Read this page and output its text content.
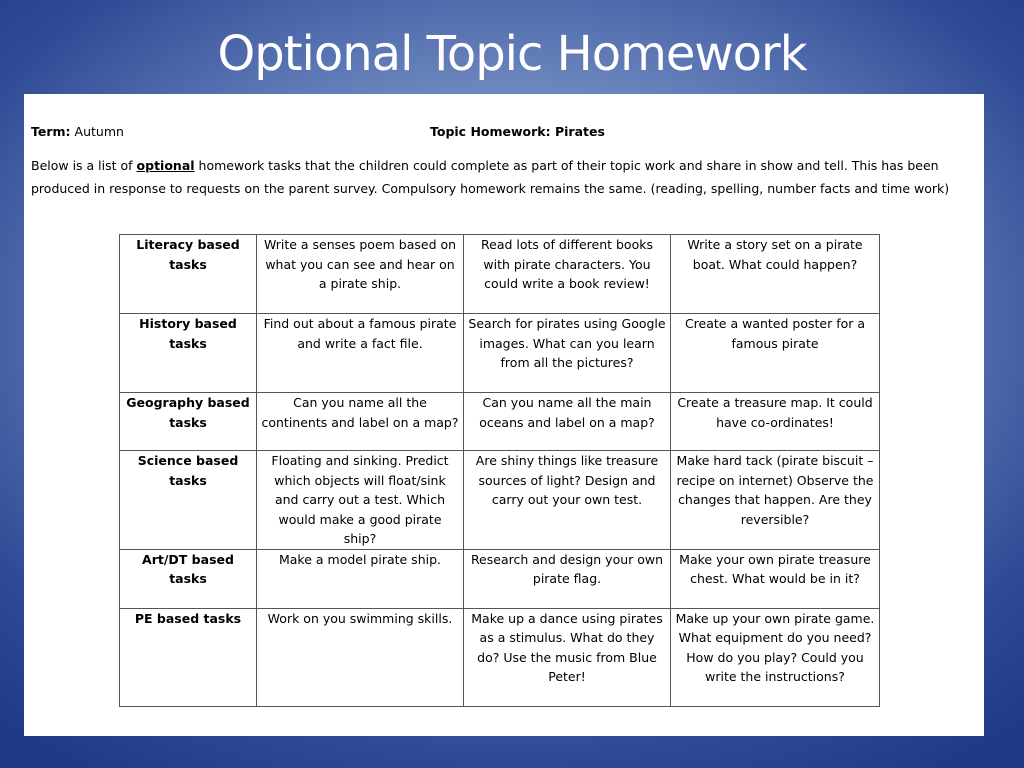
Optional Topic Homework
Term: Autumn	Topic Homework: Pirates

Below is a list of optional homework tasks that the children could complete as part of their topic work and share in show and tell. This has been produced in response to requests on the parent survey. Compulsory homework remains the same. (reading, spelling, number facts and time work)

Literacy based tasks	Write a senses poem based on what you can see and hear on a pirate ship.	Read lots of different books with pirate characters. You could write a book review!	Write a story set on a pirate boat. What could happen?
History based tasks	Find out about a famous pirate and write a fact file.	Search for pirates using Google images. What can you learn from all the pictures?	Create a wanted poster for a famous pirate
Geography based tasks	Can you name all the continents and label on a map?	Can you name all the main oceans and label on a map?	Create a treasure map. It could have co-ordinates!
Science based tasks	Floating and sinking. Predict which objects will float/sink and carry out a test. Which would make a good pirate ship?	Are shiny things like treasure sources of light? Design and carry out your own test.	Make hard tack (pirate biscuit – recipe on internet) Observe the changes that happen. Are they reversible?
Art/DT based tasks	Make a model pirate ship.	Research and design your own pirate flag.	Make your own pirate treasure chest. What would be in it?
PE based tasks	Work on you swimming skills.	Make up a dance using pirates as a stimulus. What do they do? Use the music from Blue Peter!	Make up your own pirate game. What equipment do you need? How do you play? Could you write the instructions?
